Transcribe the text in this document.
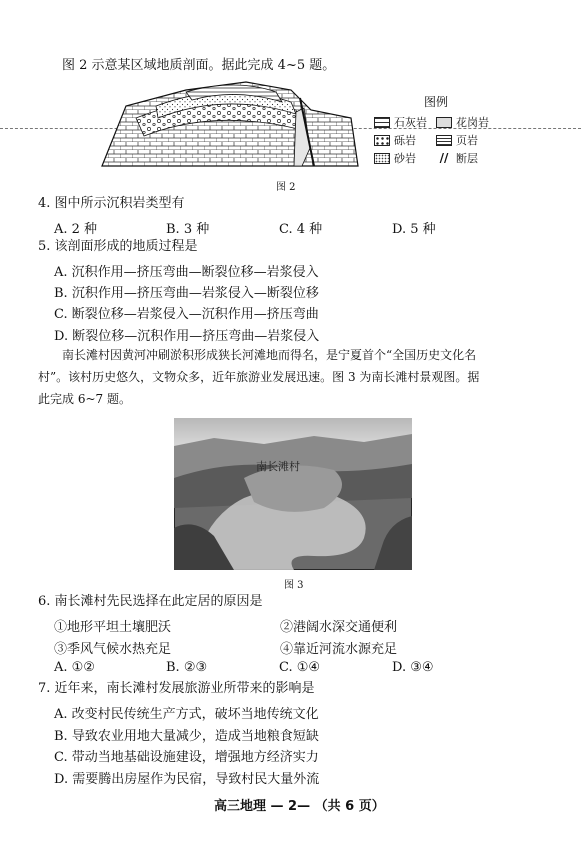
图 2 示意某区域地质剖面。据此完成 4~5 题。
图例
石灰岩	花岗岩
砾岩	页岩
砂岩	// 断层
图 2
4. 图中所示沉积岩类型有
A. 2 种	B. 3 种	C. 4 种	D. 5 种
5. 该剖面形成的地质过程是
A. 沉积作用—挤压弯曲—断裂位移—岩浆侵入
B. 沉积作用—挤压弯曲—岩浆侵入—断裂位移
C. 断裂位移—岩浆侵入—沉积作用—挤压弯曲
D. 断裂位移—沉积作用—挤压弯曲—岩浆侵入
南长滩村因黄河冲刷淤积形成狭长河滩地而得名，是宁夏首个“全国历史文化名
村”。该村历史悠久，文物众多，近年旅游业发展迅速。图 3 为南长滩村景观图。据
此完成 6~7 题。
南长滩村
图 3
6. 南长滩村先民选择在此定居的原因是
①地形平坦土壤肥沃	②港阔水深交通便利
③季风气候水热充足	④靠近河流水源充足
A. ①②	B. ②③	C. ①④	D. ③④
7. 近年来，南长滩村发展旅游业所带来的影响是
A. 改变村民传统生产方式，破坏当地传统文化
B. 导致农业用地大量减少，造成当地粮食短缺
C. 带动当地基础设施建设，增强地方经济实力
D. 需要腾出房屋作为民宿，导致村民大量外流
高三地理 — 2— （共 6 页）
